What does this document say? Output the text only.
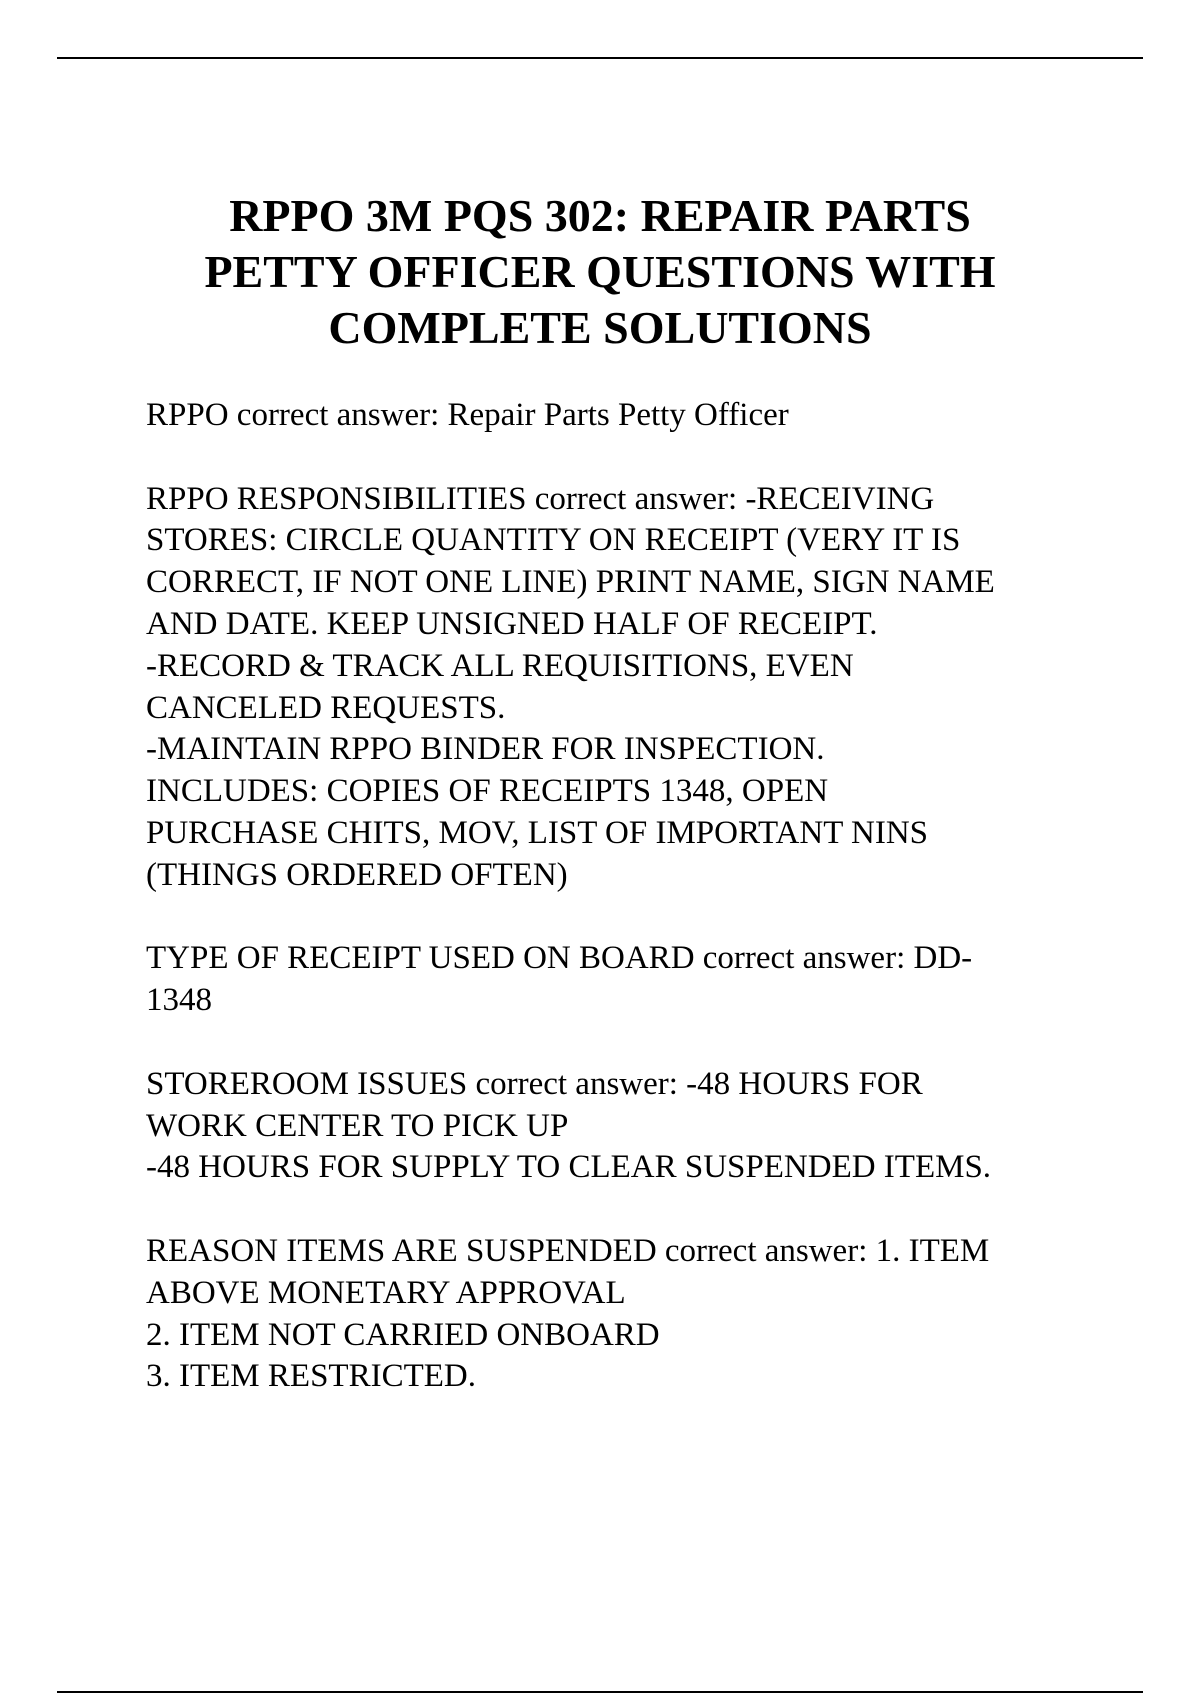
RPPO 3M PQS 302: REPAIR PARTS
PETTY OFFICER QUESTIONS WITH
COMPLETE SOLUTIONS

RPPO correct answer: Repair Parts Petty Officer

RPPO RESPONSIBILITIES correct answer: -RECEIVING
STORES: CIRCLE QUANTITY ON RECEIPT (VERY IT IS
CORRECT, IF NOT ONE LINE) PRINT NAME, SIGN NAME
AND DATE. KEEP UNSIGNED HALF OF RECEIPT.
-RECORD & TRACK ALL REQUISITIONS, EVEN
CANCELED REQUESTS.
-MAINTAIN RPPO BINDER FOR INSPECTION.
INCLUDES: COPIES OF RECEIPTS 1348, OPEN
PURCHASE CHITS, MOV, LIST OF IMPORTANT NINS
(THINGS ORDERED OFTEN)

TYPE OF RECEIPT USED ON BOARD correct answer: DD-
1348

STOREROOM ISSUES correct answer: -48 HOURS FOR
WORK CENTER TO PICK UP
-48 HOURS FOR SUPPLY TO CLEAR SUSPENDED ITEMS.

REASON ITEMS ARE SUSPENDED correct answer: 1. ITEM
ABOVE MONETARY APPROVAL
2. ITEM NOT CARRIED ONBOARD
3. ITEM RESTRICTED.
